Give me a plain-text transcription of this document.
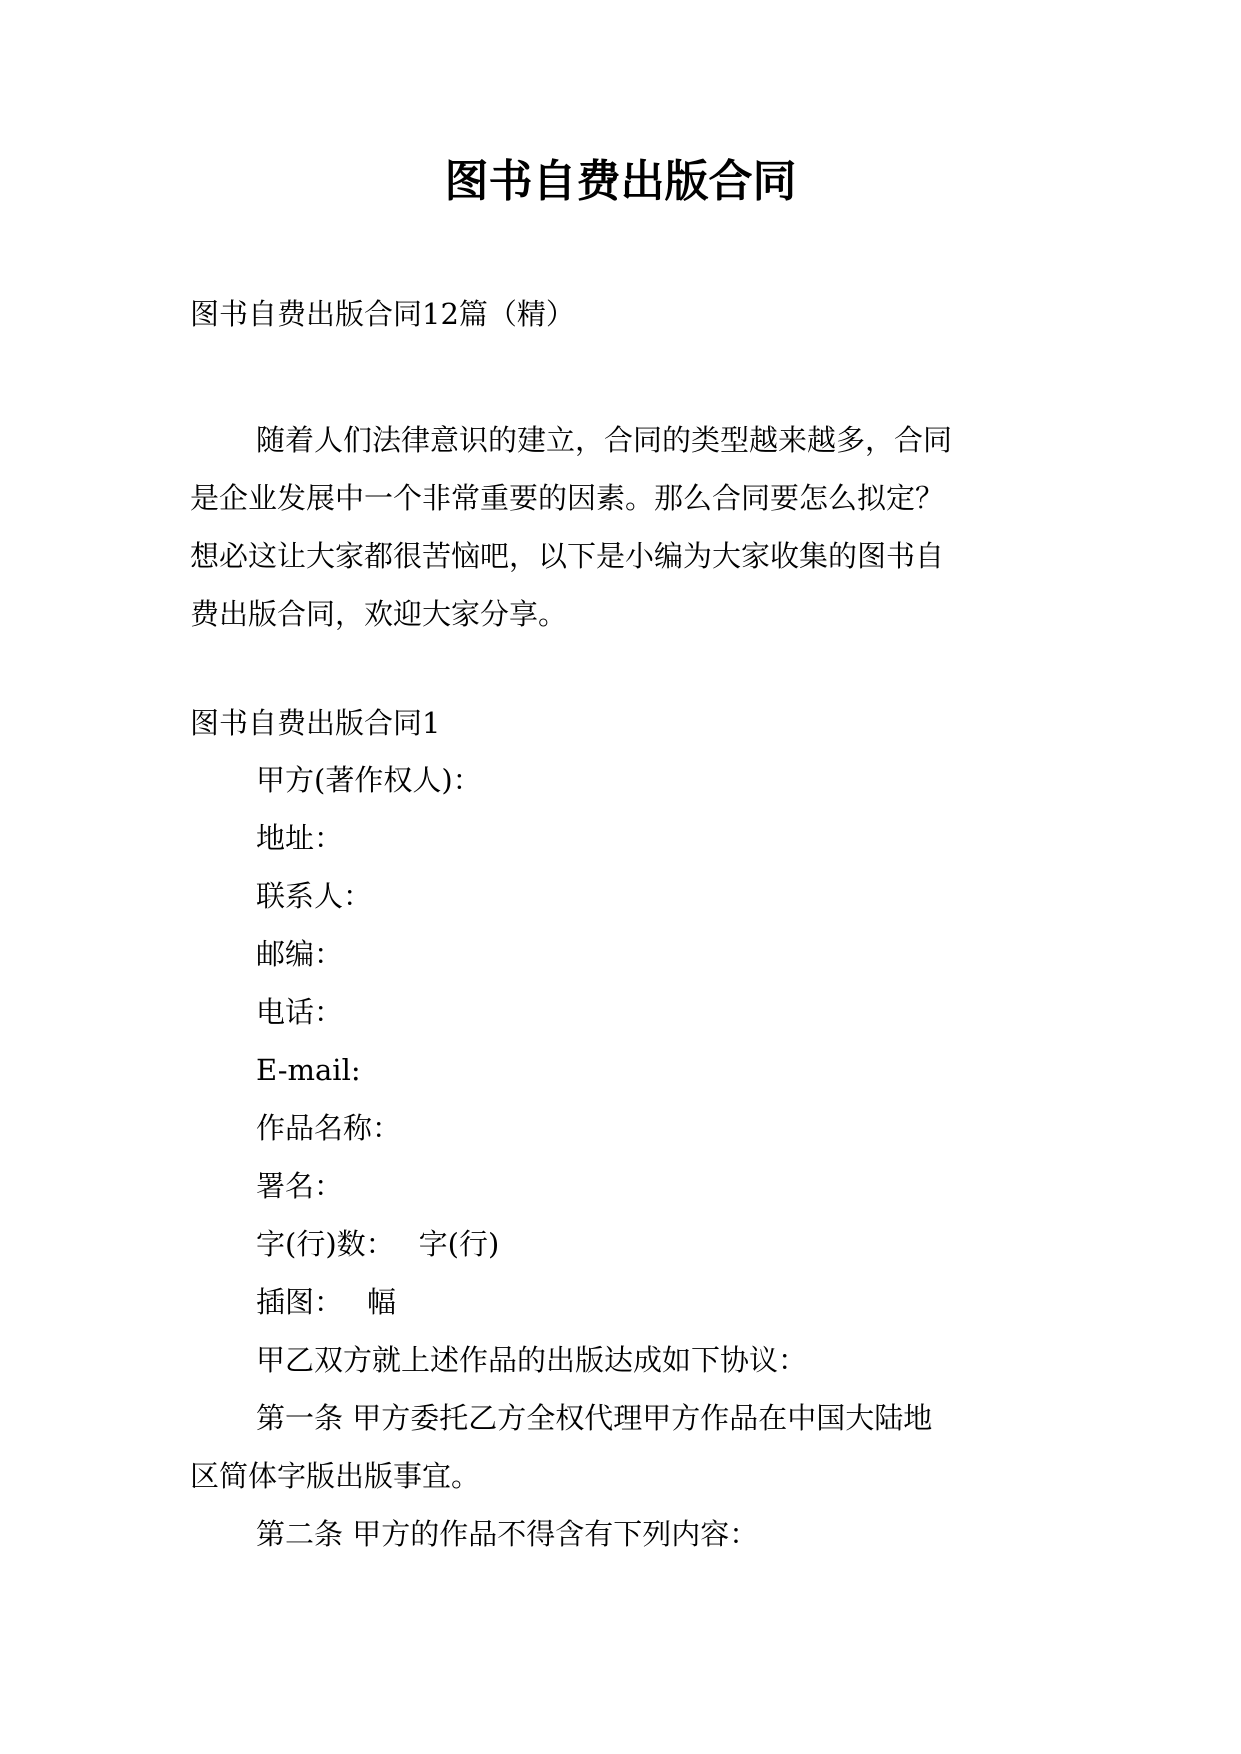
图书自费出版合同
图书自费出版合同12篇（精）
随着人们法律意识的建立，合同的类型越来越多，合同
是企业发展中一个非常重要的因素。那么合同要怎么拟定？
想必这让大家都很苦恼吧，以下是小编为大家收集的图书自
费出版合同，欢迎大家分享。
图书自费出版合同1
甲方(著作权人)：
地址：
联系人：
邮编：
电话：
E-mail:
作品名称：
署名：
字(行)数： 字(行)
插图： 幅
甲乙双方就上述作品的出版达成如下协议：
第一条 甲方委托乙方全权代理甲方作品在中国大陆地
区简体字版出版事宜。
第二条 甲方的作品不得含有下列内容：
